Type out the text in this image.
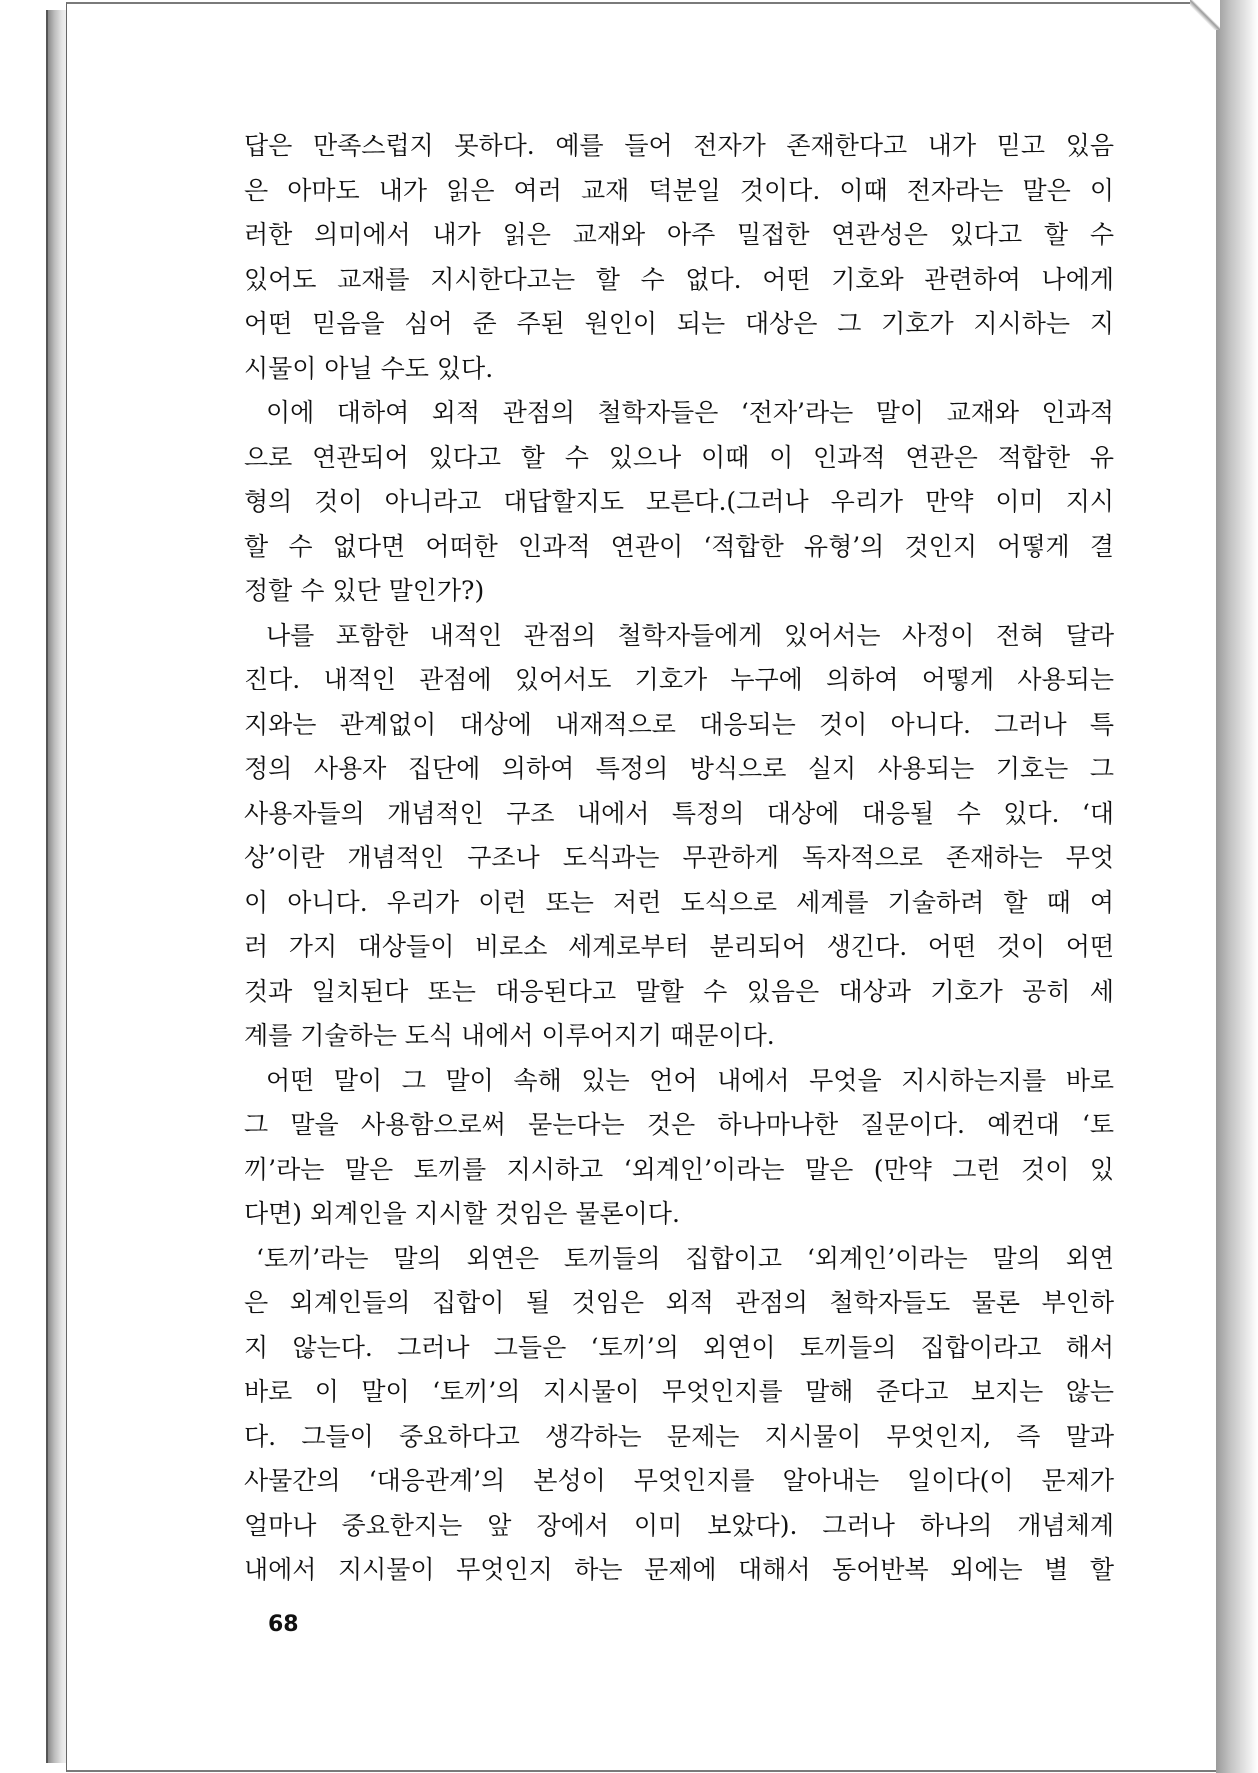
답은 만족스럽지 못하다. 예를 들어 전자가 존재한다고 내가 믿고 있음
은 아마도 내가 읽은 여러 교재 덕분일 것이다. 이때 전자라는 말은 이
러한 의미에서 내가 읽은 교재와 아주 밀접한 연관성은 있다고 할 수
있어도 교재를 지시한다고는 할 수 없다. 어떤 기호와 관련하여 나에게
어떤 믿음을 심어 준 주된 원인이 되는 대상은 그 기호가 지시하는 지
시물이 아닐 수도 있다.

이에 대하여 외적 관점의 철학자들은 ‘전자’라는 말이 교재와 인과적
으로 연관되어 있다고 할 수 있으나 이때 이 인과적 연관은 적합한 유
형의 것이 아니라고 대답할지도 모른다.(그러나 우리가 만약 이미 지시
할 수 없다면 어떠한 인과적 연관이 ‘적합한 유형’의 것인지 어떻게 결
정할 수 있단 말인가?)

나를 포함한 내적인 관점의 철학자들에게 있어서는 사정이 전혀 달라
진다. 내적인 관점에 있어서도 기호가 누구에 의하여 어떻게 사용되는
지와는 관계없이 대상에 내재적으로 대응되는 것이 아니다. 그러나 특
정의 사용자 집단에 의하여 특정의 방식으로 실지 사용되는 기호는 그
사용자들의 개념적인 구조 내에서 특정의 대상에 대응될 수 있다. ‘대
상’이란 개념적인 구조나 도식과는 무관하게 독자적으로 존재하는 무엇
이 아니다. 우리가 이런 또는 저런 도식으로 세계를 기술하려 할 때 여
러 가지 대상들이 비로소 세계로부터 분리되어 생긴다. 어떤 것이 어떤
것과 일치된다 또는 대응된다고 말할 수 있음은 대상과 기호가 공히 세
계를 기술하는 도식 내에서 이루어지기 때문이다.

어떤 말이 그 말이 속해 있는 언어 내에서 무엇을 지시하는지를 바로
그 말을 사용함으로써 묻는다는 것은 하나마나한 질문이다. 예컨대 ‘토
끼’라는 말은 토끼를 지시하고 ‘외계인’이라는 말은 (만약 그런 것이 있
다면) 외계인을 지시할 것임은 물론이다.

‘토끼’라는 말의 외연은 토끼들의 집합이고 ‘외계인’이라는 말의 외연
은 외계인들의 집합이 될 것임은 외적 관점의 철학자들도 물론 부인하
지 않는다. 그러나 그들은 ‘토끼’의 외연이 토끼들의 집합이라고 해서
바로 이 말이 ‘토끼’의 지시물이 무엇인지를 말해 준다고 보지는 않는
다. 그들이 중요하다고 생각하는 문제는 지시물이 무엇인지, 즉 말과
사물간의 ‘대응관계’의 본성이 무엇인지를 알아내는 일이다(이 문제가
얼마나 중요한지는 앞 장에서 이미 보았다). 그러나 하나의 개념체계
내에서 지시물이 무엇인지 하는 문제에 대해서 동어반복 외에는 별 할

68
